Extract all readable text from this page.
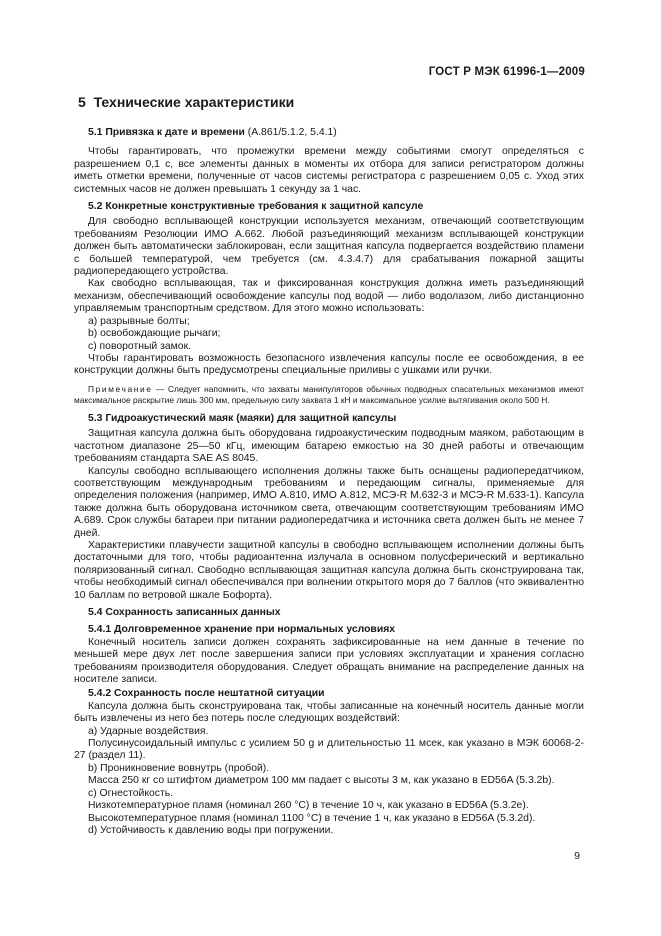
ГОСТ Р МЭК 61996-1—2009
5 Технические характеристики

5.1 Привязка к дате и времени (А.861/5.1.2, 5.4.1)

Чтобы гарантировать, что промежутки времени между событиями смогут определяться с разрешением 0,1 с, все элементы данных в моменты их отбора для записи регистратором должны иметь отметки времени, полученные от часов системы регистратора с разрешением 0,05 с. Уход этих системных часов не должен превышать 1 секунду за 1 час.

5.2 Конкретные конструктивные требования к защитной капсуле

Для свободно всплывающей конструкции используется механизм, отвечающий соответствующим требованиям Резолюции ИМО А.662. Любой разъединяющий механизм всплывающей конструкции должен быть автоматически заблокирован, если защитная капсула подвергается воздействию пламени с большей температурой, чем требуется (см. 4.3.4.7) для срабатывания пожарной защиты радиопередающего устройства.

Как свободно всплывающая, так и фиксированная конструкция должна иметь разъединяющий механизм, обеспечивающий освобождение капсулы под водой — либо водолазом, либо дистанционно управляемым транспортным средством. Для этого можно использовать:

a) разрывные болты;

b) освобождающие рычаги;

c) поворотный замок.

Чтобы гарантировать возможность безопасного извлечения капсулы после ее освобождения, в ее конструкции должны быть предусмотрены специальные приливы с ушками или ручки.

Примечание — Следует напомнить, что захваты манипуляторов обычных подводных спасательных механизмов имеют максимальное раскрытие лишь 300 мм, предельную силу захвата 1 кН и максимальное усилие вытягивания около 500 Н.

5.3 Гидроакустический маяк (маяки) для защитной капсулы

Защитная капсула должна быть оборудована гидроакустическим подводным маяком, работающим в частотном диапазоне 25—50 кГц, имеющим батарею емкостью на 30 дней работы и отвечающим требованиям стандарта SAE AS 8045.

Капсулы свободно всплывающего исполнения должны также быть оснащены радиопередатчиком, соответствующим международным требованиям и передающим сигналы, применяемые для определения положения (например, ИМО А.810, ИМО А.812, МСЭ-R М.632-3 и МСЭ-R М.633-1). Капсула также должна быть оборудована источником света, отвечающим соответствующим требованиям ИМО А.689. Срок службы батареи при питании радиопередатчика и источника света должен быть не менее 7 дней.

Характеристики плавучести защитной капсулы в свободно всплывающем исполнении должны быть достаточными для того, чтобы радиоантенна излучала в основном полусферический и вертикально поляризованный сигнал. Свободно всплывающая защитная капсула должна быть сконструирована так, чтобы необходимый сигнал обеспечивался при волнении открытого моря до 7 баллов (что эквивалентно 10 баллам по ветровой шкале Бофорта).

5.4 Сохранность записанных данных

5.4.1 Долговременное хранение при нормальных условиях

Конечный носитель записи должен сохранять зафиксированные на нем данные в течение по меньшей мере двух лет после завершения записи при условиях эксплуатации и хранения согласно требованиям производителя оборудования. Следует обращать внимание на распределение данных на носителе записи.

5.4.2 Сохранность после нештатной ситуации

Капсула должна быть сконструирована так, чтобы записанные на конечный носитель данные могли быть извлечены из него без потерь после следующих воздействий:

a) Ударные воздействия.

Полусинусоидальный импульс с усилием 50 g и длительностью 11 мсек, как указано в МЭК 60068-2-27 (раздел 11).

b) Проникновение вовнутрь (пробой).

Масса 250 кг со штифтом диаметром 100 мм падает с высоты 3 м, как указано в ED56A (5.3.2b).

c) Огнестойкость.

Низкотемпературное пламя (номинал 260 °С) в течение 10 ч, как указано в ED56A (5.3.2e).

Высокотемпературное пламя (номинал 1100 °С) в течение 1 ч, как указано в ED56A (5.3.2d).

d) Устойчивость к давлению воды при погружении.

9
